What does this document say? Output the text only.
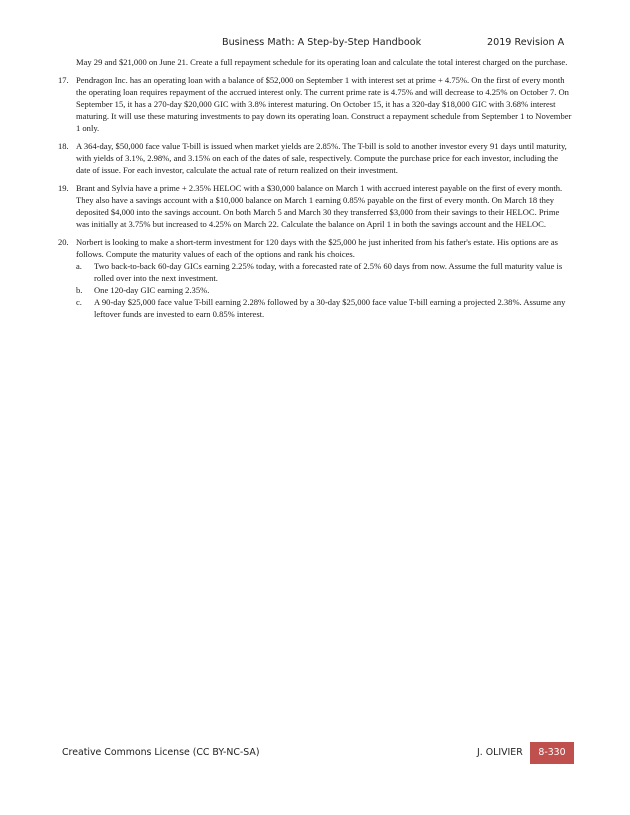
Business Math: A Step-by-Step Handbook	2019 Revision A

May 29 and $21,000 on June 21. Create a full repayment schedule for its operating loan and calculate the total interest charged on the purchase.

17. Pendragon Inc. has an operating loan with a balance of $52,000 on September 1 with interest set at prime + 4.75%. On the first of every month the operating loan requires repayment of the accrued interest only. The current prime rate is 4.75% and will decrease to 4.25% on October 7. On September 15, it has a 270-day $20,000 GIC with 3.8% interest maturing. On October 15, it has a 320-day $18,000 GIC with 3.68% interest maturing. It will use these maturing investments to pay down its operating loan. Construct a repayment schedule from September 1 to November 1 only.
18. A 364-day, $50,000 face value T-bill is issued when market yields are 2.85%. The T-bill is sold to another investor every 91 days until maturity, with yields of 3.1%, 2.98%, and 3.15% on each of the dates of sale, respectively. Compute the purchase price for each investor, including the date of issue. For each investor, calculate the actual rate of return realized on their investment.
19. Brant and Sylvia have a prime + 2.35% HELOC with a $30,000 balance on March 1 with accrued interest payable on the first of every month. They also have a savings account with a $10,000 balance on March 1 earning 0.85% payable on the first of every month. On March 18 they deposited $4,000 into the savings account. On both March 5 and March 30 they transferred $3,000 from their savings to their HELOC. Prime was initially at 3.75% but increased to 4.25% on March 22. Calculate the balance on April 1 in both the savings account and the HELOC.
20. Norbert is looking to make a short-term investment for 120 days with the $25,000 he just inherited from his father's estate. His options are as follows. Compute the maturity values of each of the options and rank his choices.
a. Two back-to-back 60-day GICs earning 2.25% today, with a forecasted rate of 2.5% 60 days from now. Assume the full maturity value is rolled over into the next investment.
b. One 120-day GIC earning 2.35%.
c. A 90-day $25,000 face value T-bill earning 2.28% followed by a 30-day $25,000 face value T-bill earning a projected 2.38%. Assume any leftover funds are invested to earn 0.85% interest.
Creative Commons License (CC BY-NC-SA)	J. OLIVIER	8-330
